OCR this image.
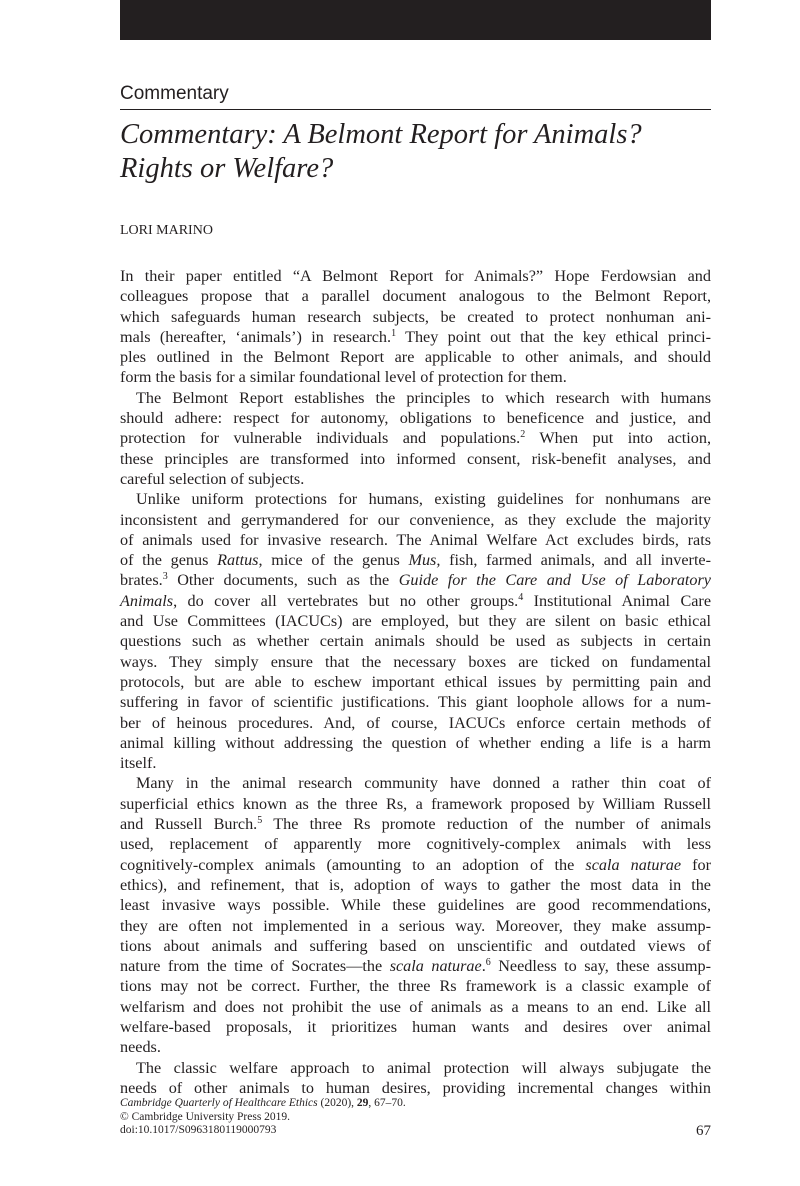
Commentary
Commentary: A Belmont Report for Animals?
Rights or Welfare?
LORI MARINO
In their paper entitled “A Belmont Report for Animals?” Hope Ferdowsian and
colleagues propose that a parallel document analogous to the Belmont Report,
which safeguards human research subjects, be created to protect nonhuman ani-
mals (hereafter, ‘animals’) in research.$^1$ They point out that the key ethical princi-
ples outlined in the Belmont Report are applicable to other animals, and should
form the basis for a similar foundational level of protection for them.
The Belmont Report establishes the principles to which research with humans
should adhere: respect for autonomy, obligations to beneficence and justice, and
protection for vulnerable individuals and populations.$^2$ When put into action,
these principles are transformed into informed consent, risk-benefit analyses, and
careful selection of subjects.
Unlike uniform protections for humans, existing guidelines for nonhumans are
inconsistent and gerrymandered for our convenience, as they exclude the majority
of animals used for invasive research. The Animal Welfare Act excludes birds, rats
of the genus Rattus, mice of the genus Mus, fish, farmed animals, and all inverte-
brates.$^3$ Other documents, such as the Guide for the Care and Use of Laboratory
Animals, do cover all vertebrates but no other groups.$^4$ Institutional Animal Care
and Use Committees (IACUCs) are employed, but they are silent on basic ethical
questions such as whether certain animals should be used as subjects in certain
ways. They simply ensure that the necessary boxes are ticked on fundamental
protocols, but are able to eschew important ethical issues by permitting pain and
suffering in favor of scientific justifications. This giant loophole allows for a num-
ber of heinous procedures. And, of course, IACUCs enforce certain methods of
animal killing without addressing the question of whether ending a life is a harm
itself.
Many in the animal research community have donned a rather thin coat of
superficial ethics known as the three Rs, a framework proposed by William Russell
and Russell Burch.$^5$ The three Rs promote reduction of the number of animals
used, replacement of apparently more cognitively-complex animals with less
cognitively-complex animals (amounting to an adoption of the scala naturae for
ethics), and refinement, that is, adoption of ways to gather the most data in the
least invasive ways possible. While these guidelines are good recommendations,
they are often not implemented in a serious way. Moreover, they make assump-
tions about animals and suffering based on unscientific and outdated views of
nature from the time of Socrates—the scala naturae.$^6$ Needless to say, these assump-
tions may not be correct. Further, the three Rs framework is a classic example of
welfarism and does not prohibit the use of animals as a means to an end. Like all
welfare-based proposals, it prioritizes human wants and desires over animal
needs.
The classic welfare approach to animal protection will always subjugate the
needs of other animals to human desires, providing incremental changes within
Cambridge Quarterly of Healthcare Ethics (2020), 29, 67–70.
© Cambridge University Press 2019.
doi:10.1017/S0963180119000793	67
